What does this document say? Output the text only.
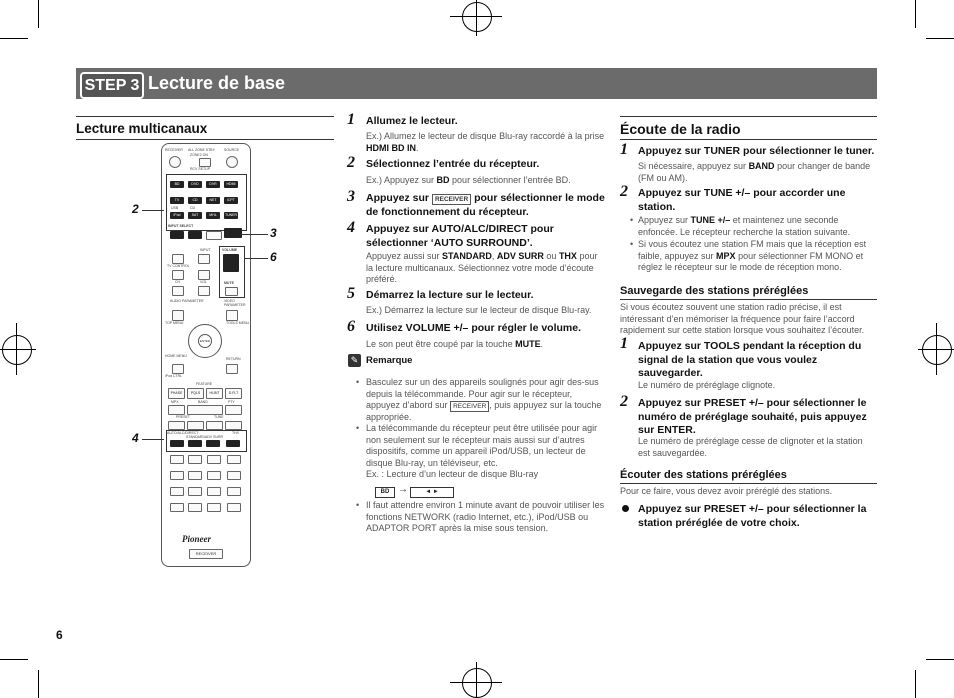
STEP 3 Lecture de base
Lecture multicanaux
RECEIVER ALL ZONE STBY	SOURCE
ZONE2 ON
RCV SETUP
BD	DVD	DVR	HDMI
TV	CD	NET	iCPT
USB	CD
iPod	SAT	MHL	TUNER
INPUT SELECT
INPUT
TV CONTROL
CH	VOL
VOLUME
MUTE
AUDIO PARAMETER	VIDEO PARAMETER
TOP MENU	TOOLS MENU
ENTER
HOME MENU
RETURN
iPod CTRL
FEATURE
PHASE	PQLS	HI-BIT	D.FLT
MPX	BAND	PTY
PRESET	TUNE
AUTO/ALC/DIRECT
STANDARD ADV SURR
THX
Pioneer
RECEIVER
2
3
6
4
1 Allumez le lecteur.
Ex.) Allumez le lecteur de disque Blu-ray raccordé à la prise HDMI BD IN.
2 Sélectionnez l’entrée du récepteur.
Ex.) Appuyez sur BD pour sélectionner l’entrée BD.
3 Appuyez sur RECEIVER pour sélectionner le mode de fonctionnement du récepteur.
4 Appuyez sur AUTO/ALC/DIRECT pour sélectionner ‘AUTO SURROUND’.
Appuyez aussi sur STANDARD, ADV SURR ou THX pour la lecture multicanaux. Sélectionnez votre mode d’écoute préféré.
5 Démarrez la lecture sur le lecteur.
Ex.) Démarrez la lecture sur le lecteur de disque Blu-ray.
6 Utilisez VOLUME +/– pour régler le volume.
Le son peut être coupé par la touche MUTE.
✎ Remarque
• Basculez sur un des appareils soulignés pour agir des-sus depuis la télécommande. Pour agir sur le récepteur, appuyez d’abord sur RECEIVER , puis appuyez sur la touche appropriée.
• La télécommande du récepteur peut être utilisée pour agir non seulement sur le récepteur mais aussi sur d’autres dispositifs, comme un appareil iPod/USB, un lecteur de disque Blu-ray, un téléviseur, etc.
Ex. : Lecture d’un lecteur de disque Blu-ray
BD →	◄ ►
• Il faut attendre environ 1 minute avant de pouvoir utiliser les fonctions NETWORK (radio Internet, etc.), iPod/USB ou ADAPTOR PORT après la mise sous tension.
Écoute de la radio
1 Appuyez sur TUNER pour sélectionner le tuner.
Si nécessaire, appuyez sur BAND pour changer de bande (FM ou AM).
2 Appuyez sur TUNE +/– pour accorder une station.
• Appuyez sur TUNE +/– et maintenez une seconde enfoncée. Le récepteur recherche la station suivante.
• Si vous écoutez une station FM mais que la réception est faible, appuyez sur MPX pour sélectionner FM MONO et réglez le récepteur sur le mode de réception mono.
Sauvegarde des stations préréglées
Si vous écoutez souvent une station radio précise, il est intéressant d’en mémoriser la fréquence pour faire l’accord rapidement sur cette station lorsque vous souhaitez l’écouter.
1 Appuyez sur TOOLS pendant la réception du signal de la station que vous voulez sauvegarder.
Le numéro de préréglage clignote.
2 Appuyez sur PRESET +/– pour sélectionner le numéro de préréglage souhaité, puis appuyez sur ENTER.
Le numéro de préréglage cesse de clignoter et la station est sauvegardée.
Écouter des stations préréglées
Pour ce faire, vous devez avoir préréglé des stations.
Appuyez sur PRESET +/– pour sélectionner la station préréglée de votre choix.
6
